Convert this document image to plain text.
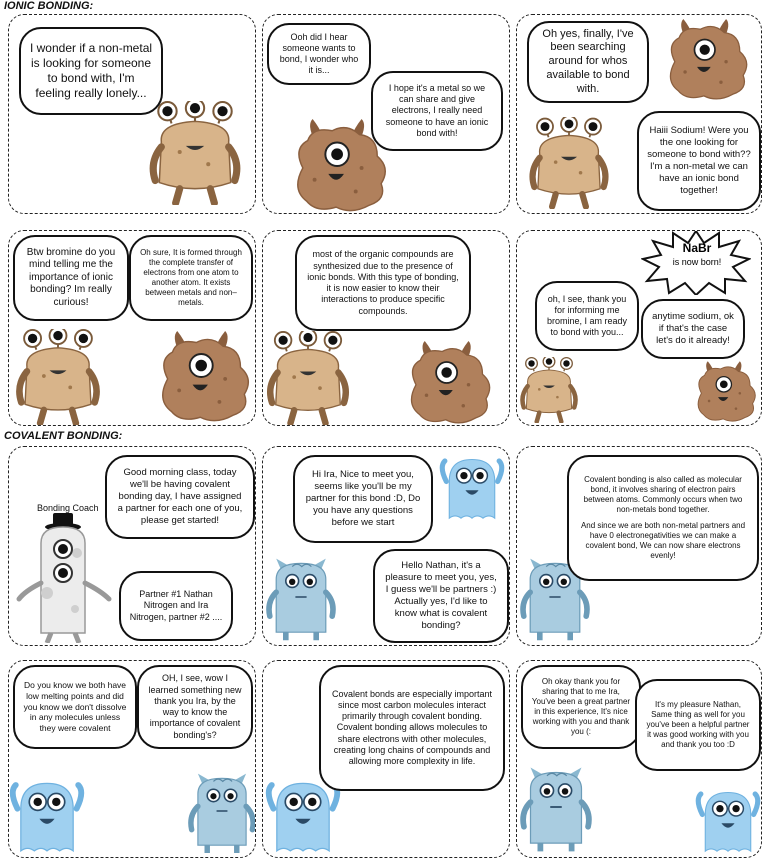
IONIC BONDING:
COVALENT BONDING:
I wonder if a non-metal is looking for someone to bond with, I'm feeling really lonely...
Ooh did I hear someone wants to bond, I wonder who it is...
I hope it's a metal so we can share and give electrons, I really need someone to have an ionic bond with!
Oh yes, finally, I've been searching around for whos available to bond with.
Haiii Sodium! Were you the one looking for someone to bond with?? I'm a non-metal we can have an ionic bond together!
Btw bromine do you mind telling me the importance of ionic bonding? Im really curious!
Oh sure, It is formed through the complete transfer of electrons from one atom to another atom. It exists between metals and non–metals.
most of the organic compounds are synthesized due to the presence of ionic bonds. With this type of bonding, it is now easier to know their interactions to produce specific compounds.
NaBr
is now born!
oh, I see, thank you for informing me bromine, I am ready to bond with you...
anytime sodium, ok if that's the case let's do it already!
Good morning class, today we'll be having covalent bonding day, I have assigned a partner for each one of you, please get started!
Bonding Coach
Partner #1 Nathan Nitrogen and Ira Nitrogen, partner #2 ....
Hi Ira, Nice to meet you, seems like you'll be my partner for this bond :D, Do you have any questions before we start
Hello Nathan, it's a pleasure to meet you, yes, I guess we'll be partners :) Actually yes, I'd like to know what is covalent bonding?
Covalent bonding is also called as molecular bond, it involves sharing of electron pairs between atoms. Commonly occurs when two non-metals bond together.
And since we are both non-metal partners and have 0 electronegativities we can make a covalent bond, We can now share electrons evenly!
Do you know we both have low melting points and did you know we don't dissolve in any molecules unless they were covalent
OH, I see, wow I learned something new thank you Ira, by the way to know the importance of covalent bonding's?
Covalent bonds are especially important since most carbon molecules interact primarily through covalent bonding. Covalent bonding allows molecules to share electrons with other molecules, creating long chains of compounds and allowing more complexity in life.
Oh okay thank you for sharing that to me Ira, You've been a great partner in this experience, It's nice working with you and thank you (:
It's my pleasure Nathan, Same thing as well for you you've been a helpful partner it was good working with you and thank you too :D
